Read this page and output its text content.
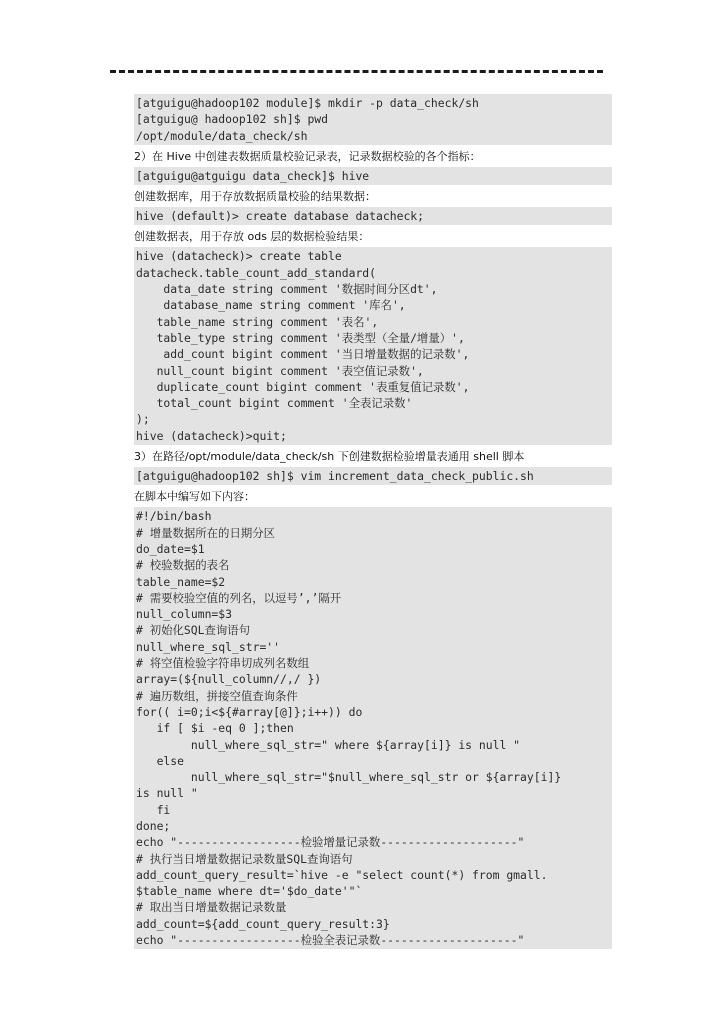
[atguigu@hadoop102 module]$ mkdir -p data_check/sh
[atguigu@ hadoop102 sh]$ pwd
/opt/module/data_check/sh
2）在 Hive 中创建表数据质量校验记录表，记录数据校验的各个指标：
[atguigu@atguigu data_check]$ hive
创建数据库，用于存放数据质量校验的结果数据：
hive (default)> create database datacheck;
创建数据表，用于存放 ods 层的数据检验结果：
hive (datacheck)> create table
datacheck.table_count_add_standard(
data_date string comment '数据时间分区dt',
database_name string comment '库名',
table_name string comment '表名',
table_type string comment '表类型（全量/增量）',
add_count bigint comment '当日增量数据的记录数',
null_count bigint comment '表空值记录数',
duplicate_count bigint comment '表重复值记录数',
total_count bigint comment '全表记录数'
);
hive (datacheck)>quit;
3）在路径/opt/module/data_check/sh 下创建数据检验增量表通用 shell 脚本
[atguigu@hadoop102 sh]$ vim increment_data_check_public.sh
在脚本中编写如下内容：
#!/bin/bash
# 增量数据所在的日期分区
do_date=$1
# 校验数据的表名
table_name=$2
# 需要校验空值的列名，以逗号’,’隔开
null_column=$3
# 初始化SQL查询语句
null_where_sql_str=''
# 将空值检验字符串切成列名数组
array=(${null_column//,/ })
# 遍历数组，拼接空值查询条件
for(( i=0;i<${#array[@]};i++)) do
if [ $i -eq 0 ];then
null_where_sql_str=" where ${array[i]} is null "
else
null_where_sql_str="$null_where_sql_str or ${array[i]}
is null "
fi
done;
echo "------------------检验增量记录数--------------------"
# 执行当日增量数据记录数量SQL查询语句
add_count_query_result=`hive -e "select count(*) from gmall.
$table_name where dt='$do_date'"`
# 取出当日增量数据记录数量
add_count=${add_count_query_result:3}
echo "------------------检验全表记录数--------------------"
